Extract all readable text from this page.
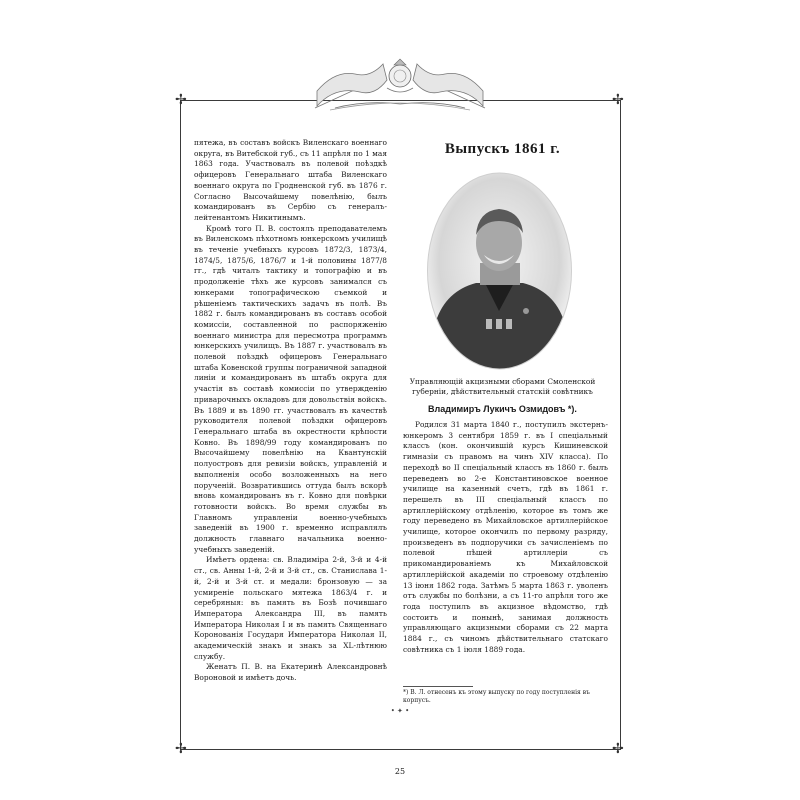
✢	✢
✢	✢

пятежа, въ составъ войскъ Виленскаго военнаго округа, въ Витебской губ., съ 11 апрѣля по 1 мая 1863 года. Участвовалъ въ полевой поѣздкѣ офицеровъ Генеральнаго штаба Виленскаго военнаго округа по Гродненской губ. въ 1876 г. Согласно Высочайшему повелѣнію, былъ командированъ въ Сербію съ генералъ-лейтенантомъ Никитинымъ.

Кромѣ того П. В. состоялъ преподавателемъ въ Виленскомъ пѣхотномъ юнкерскомъ училищѣ въ теченіе учебныхъ курсовъ 1872/3, 1873/4, 1874/5, 1875/6, 1876/7 и 1-й половины 1877/8 гг., гдѣ читалъ тактику и топографію и въ продолженіе тѣхъ же курсовъ занимался съ юнкерами топографическою съемкой и рѣшеніемъ тактическихъ задачъ въ полѣ. Въ 1882 г. былъ командированъ въ составъ особой комиссіи, составленной по распоряженію военнаго министра для пересмотра программъ юнкерскихъ училищъ. Въ 1887 г. участвовалъ въ полевой поѣздкѣ офицеровъ Генеральнаго штаба Ковенской группы пограничной западной линіи и командированъ въ штабъ округа для участія въ составѣ комиссіи по утвержденію приварочныхъ окладовъ для довольствія войскъ. Въ 1889 и въ 1890 гг. участвовалъ въ качествѣ руководителя полевой поѣздки офицеровъ Генеральнаго штаба въ окрестности крѣпости Ковно. Въ 1898/99 году командированъ по Высочайшему повелѣнію на Квантунскій полуостровъ для ревизіи войскъ, управленій и выполненія особо возложенныхъ на него порученій. Возвратившись оттуда былъ вскорѣ вновь командированъ въ г. Ковно для повѣрки готовности войскъ. Во время службы въ Главномъ управленіи военно-учебныхъ заведеній въ 1900 г. временно исправлялъ должность главнаго начальника военно-учебныхъ заведеній.

Имѣетъ ордена: св. Владиміра 2-й, 3-й и 4-й ст., св. Анны 1-й, 2-й и 3-й ст., св. Станислава 1-й, 2-й и 3-й ст. и медали: бронзовую — за усмиреніе польскаго мятежа 1863/4 г. и серебряныя: въ память въ Бозѣ почившаго Императора Александра III, въ память Императора Николая I и въ память Священнаго Коронованія Государя Императора Николая II, академическій знакъ и знакъ за XL-лѣтнюю службу.

Женатъ П. В. на Екатеринѣ Александровнѣ Вороновой и имѣетъ дочь.

Выпускъ 1861 г.
Управляющій акцизными сборами Смоленской губерніи, дѣйствительный статскій совѣтникъ
Владимиръ Лукичъ Озмидовъ *).

Родился 31 марта 1840 г., поступилъ экстернъ-юнкеромъ 3 сентября 1859 г. въ I спеціальный классъ (кон. окончившій курсъ Кишиневской гимназіи съ правомъ на чинъ XIV класса). По переходѣ во II спеціальный классъ въ 1860 г. былъ переведенъ во 2-е Константиновское военное училище на казенный счетъ, гдѣ въ 1861 г. перешелъ въ III спеціальный классъ по артиллерійскому отдѣленію, которое въ томъ же году переведено въ Михайловское артиллерійское училище, которое окончилъ по первому разряду, произведенъ въ подпоручики съ зачисленіемъ по полевой пѣшей артиллеріи съ прикомандированіемъ къ Михайловской артиллерійской академіи по строевому отдѣленію 13 іюня 1862 года. Затѣмъ 5 марта 1863 г. уволенъ отъ службы по болѣзни, а съ 11-го апрѣля того же года поступилъ въ акцизное вѣдомство, гдѣ состоитъ и понынѣ, занимая должность управляющаго акцизными сборами съ 22 марта 1884 г., съ чиномъ дѣйствительнаго статскаго совѣтника съ 1 іюля 1889 года.

*) В. Л. отнесенъ къ этому выпуску по году поступленія въ корпусъ.
• ✦ •
25
